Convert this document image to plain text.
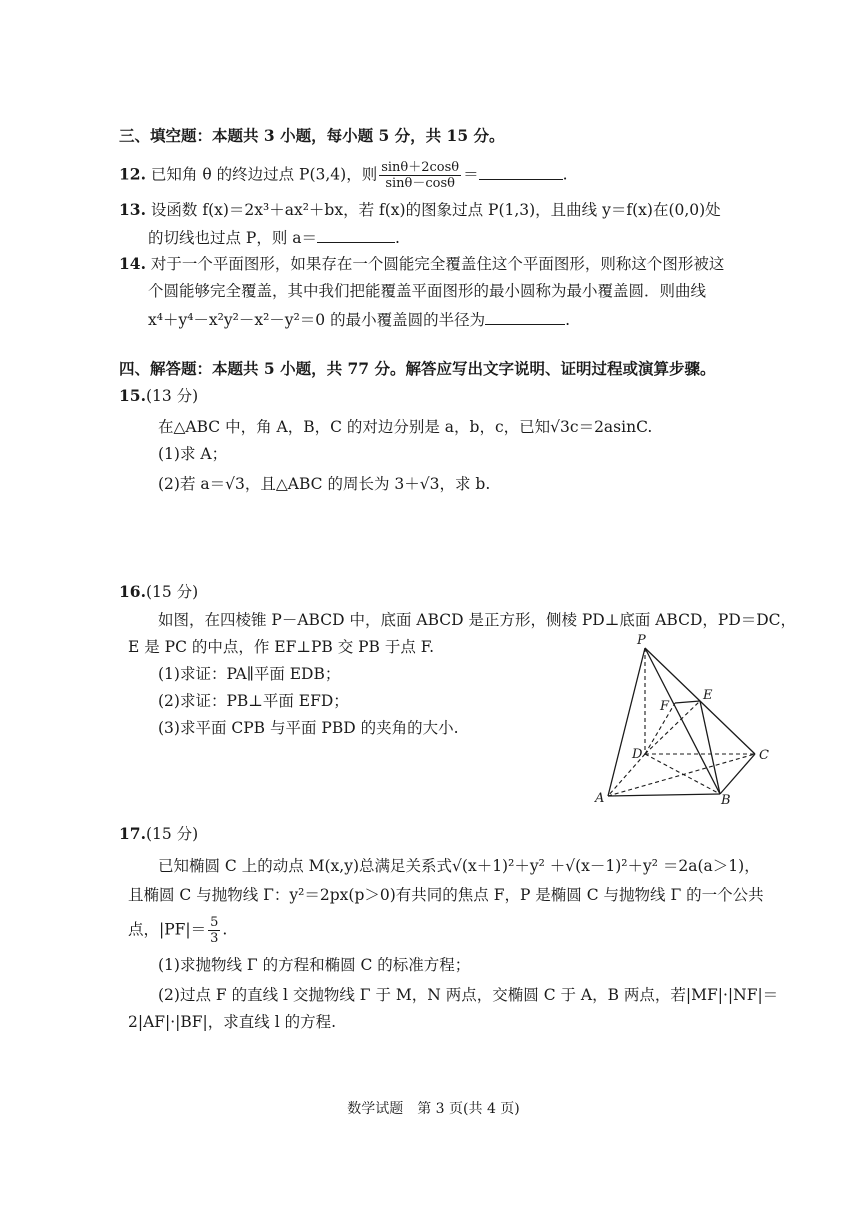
三、填空题：本题共 3 小题，每小题 5 分，共 15 分。
12. 已知角 θ 的终边过点 P(3,4)，则 $\frac{\sin\theta+2\cos\theta}{\sin\theta-\cos\theta}$ ＝	.
13. 设函数 f(x)＝2x³＋ax²＋bx，若 f(x)的图象过点 P(1,3)，且曲线 y＝f(x)在(0,0)处
的切线也过点 P，则 a＝	.
14. 对于一个平面图形，如果存在一个圆能完全覆盖住这个平面图形，则称这个图形被这
个圆能够完全覆盖，其中我们把能覆盖平面图形的最小圆称为最小覆盖圆．则曲线
x⁴＋y⁴－x²y²－x²－y²＝0 的最小覆盖圆的半径为	.
四、解答题：本题共 5 小题，共 77 分。解答应写出文字说明、证明过程或演算步骤。
15.(13 分)
在△ABC 中，角 A，B，C 的对边分别是 a，b，c，已知√3c＝2asinC.
(1)求 A；
(2)若 a＝√3，且△ABC 的周长为 3＋√3，求 b.
16.(15 分)
如图，在四棱锥 P－ABCD 中，底面 ABCD 是正方形，侧棱 PD⊥底面 ABCD，PD＝DC，
E 是 PC 的中点，作 EF⊥PB 交 PB 于点 F.
(1)求证：PA∥平面 EDB；
(2)求证：PB⊥平面 EFD；
(3)求平面 CPB 与平面 PBD 的夹角的大小.
P
E
F
D	C
A	B
17.(15 分)
已知椭圆 C 上的动点 M(x,y)总满足关系式√(x＋1)²＋y² ＋√(x－1)²＋y² ＝2a(a＞1)，
且椭圆 C 与抛物线 Γ：y²＝2px(p＞0)有共同的焦点 F，P 是椭圆 C 与抛物线 Γ 的一个公共
点，$|PF|= \frac{5}{3}$ .
(1)求抛物线 Γ 的方程和椭圆 C 的标准方程；
(2)过点 F 的直线 l 交抛物线 Γ 于 M，N 两点，交椭圆 C 于 A，B 两点，若|MF|·|NF|＝
2|AF|·|BF|，求直线 l 的方程.
数学试题　第 3 页(共 4 页)
